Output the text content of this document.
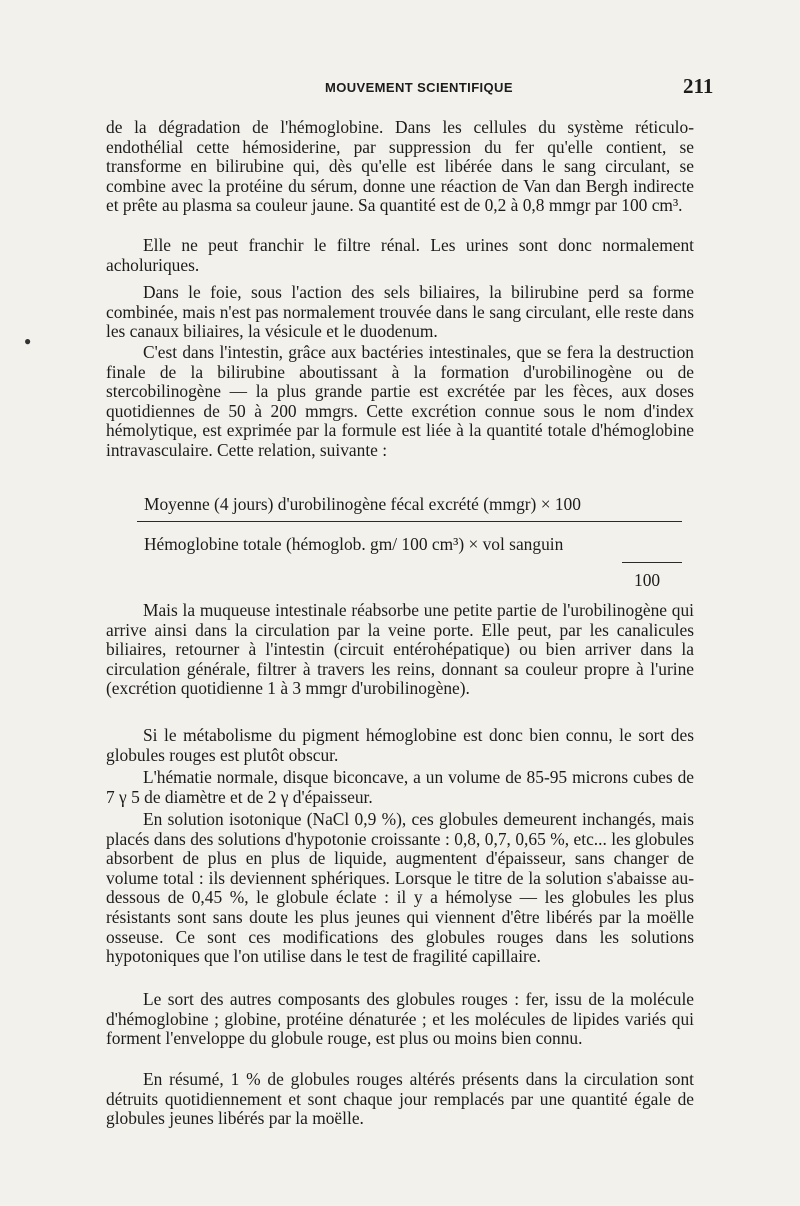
MOUVEMENT SCIENTIFIQUE	211

de la dégradation de l'hémoglobine. Dans les cellules du système réticulo-endothélial cette hémosiderine, par suppression du fer qu'elle contient, se transforme en bilirubine qui, dès qu'elle est libérée dans le sang circulant, se combine avec la protéine du sérum, donne une réaction de Van dan Bergh indirecte et prête au plasma sa couleur jaune. Sa quantité est de 0,2 à 0,8 mmgr par 100 cm³.

Elle ne peut franchir le filtre rénal. Les urines sont donc normalement acholuriques.

Dans le foie, sous l'action des sels biliaires, la bilirubine perd sa forme combinée, mais n'est pas normalement trouvée dans le sang circulant, elle reste dans les canaux biliaires, la vésicule et le duodenum.

C'est dans l'intestin, grâce aux bactéries intestinales, que se fera la destruction finale de la bilirubine aboutissant à la formation d'urobilinogène ou de stercobilinogène — la plus grande partie est excrétée par les fèces, aux doses quotidiennes de 50 à 200 mmgrs. Cette excrétion connue sous le nom d'index hémolytique, est exprimée par la formule est liée à la quantité totale d'hémoglobine intravasculaire. Cette relation, suivante :

Moyenne (4 jours) d'urobilinogène fécal excrété (mmgr) × 100
Hémoglobine totale (hémoglob. gm/ 100 cm³) × vol sanguin
100

Mais la muqueuse intestinale réabsorbe une petite partie de l'urobilinogène qui arrive ainsi dans la circulation par la veine porte. Elle peut, par les canalicules biliaires, retourner à l'intestin (circuit entérohépatique) ou bien arriver dans la circulation générale, filtrer à travers les reins, donnant sa couleur propre à l'urine (excrétion quotidienne 1 à 3 mmgr d'urobilinogène).

Si le métabolisme du pigment hémoglobine est donc bien connu, le sort des globules rouges est plutôt obscur.

L'hématie normale, disque biconcave, a un volume de 85-95 microns cubes de 7 γ 5 de diamètre et de 2 γ d'épaisseur.

En solution isotonique (NaCl 0,9 %), ces globules demeurent inchangés, mais placés dans des solutions d'hypotonie croissante : 0,8, 0,7, 0,65 %, etc... les globules absorbent de plus en plus de liquide, augmentent d'épaisseur, sans changer de volume total : ils deviennent sphériques. Lorsque le titre de la solution s'abaisse au-dessous de 0,45 %, le globule éclate : il y a hémolyse — les globules les plus résistants sont sans doute les plus jeunes qui viennent d'être libérés par la moëlle osseuse. Ce sont ces modifications des globules rouges dans les solutions hypotoniques que l'on utilise dans le test de fragilité capillaire.

Le sort des autres composants des globules rouges : fer, issu de la molécule d'hémoglobine ; globine, protéine dénaturée ; et les molécules de lipides variés qui forment l'enveloppe du globule rouge, est plus ou moins bien connu.

En résumé, 1 % de globules rouges altérés présents dans la circulation sont détruits quotidiennement et sont chaque jour remplacés par une quantité égale de globules jeunes libérés par la moëlle.

●
